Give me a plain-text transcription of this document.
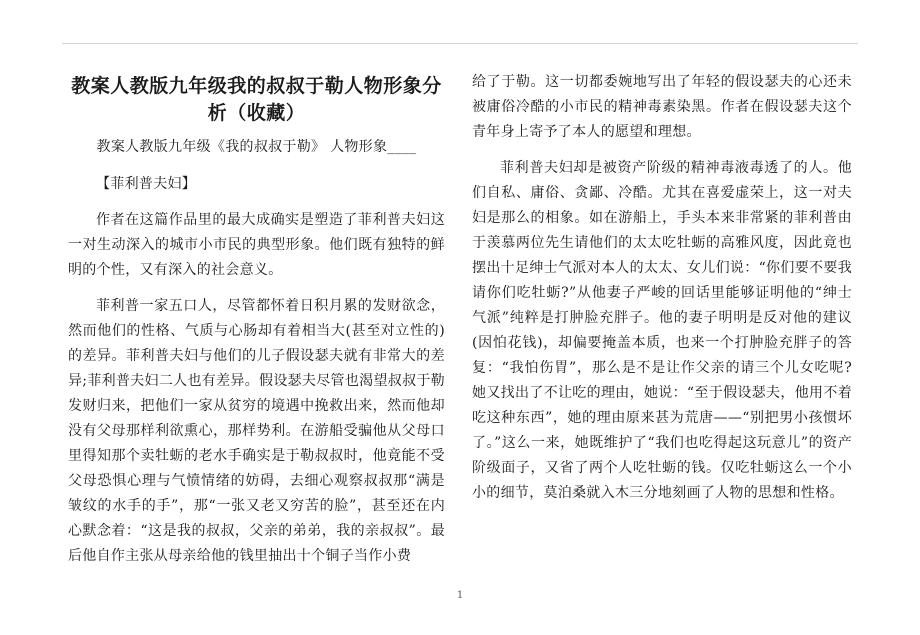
教案人教版九年级我的叔叔于勒人物形象分析（收藏）
教案人教版九年级《我的叔叔于勒》 人物形象____
【菲利普夫妇】
作者在这篇作品里的最大成确实是塑造了菲利普夫妇这一对生动深入的城市小市民的典型形象。他们既有独特的鲜明的个性，又有深入的社会意义。
菲利普一家五口人，尽管都怀着日积月累的发财欲念，然而他们的性格、气质与心肠却有着相当大(甚至对立性的)的差异。菲利普夫妇与他们的儿子假设瑟夫就有非常大的差异;菲利普夫妇二人也有差异。假设瑟夫尽管也渴望叔叔于勒发财归来，把他们一家从贫穷的境遇中挽救出来，然而他却没有父母那样利欲熏心，那样势利。在游船受骗他从父母口里得知那个卖牡蛎的老水手确实是于勒叔叔时，他竟能不受父母恐惧心理与气愤情绪的妨碍，去细心观察叔叔那“满是皱纹的水手的手”，那“一张又老又穷苦的脸”，甚至还在内心默念着：“这是我的叔叔，父亲的弟弟，我的亲叔叔”。最后他自作主张从母亲给他的钱里抽出十个铜子当作小费
给了于勒。这一切都委婉地写出了年轻的假设瑟夫的心还未被庸俗冷酷的小市民的精神毒素染黑。作者在假设瑟夫这个青年身上寄予了本人的愿望和理想。
菲利普夫妇却是被资产阶级的精神毒液毒透了的人。他们自私、庸俗、贪鄙、冷酷。尤其在喜爱虚荣上，这一对夫妇是那么的相象。如在游船上，手头本来非常紧的菲利普由于羡慕两位先生请他们的太太吃牡蛎的高雅风度，因此竟也摆出十足绅士气派对本人的太太、女儿们说：“你们要不要我请你们吃牡蛎?”从他妻子严峻的回话里能够证明他的“绅士气派”纯粹是打肿脸充胖子。他的妻子明明是反对他的建议(因怕花钱)，却偏要掩盖本质，也来一个打肿脸充胖子的答复：“我怕伤胃”，那么是不是让作父亲的请三个儿女吃呢?她又找出了不让吃的理由，她说：“至于假设瑟夫，他用不着吃这种东西”，她的理由原来甚为荒唐——“别把男小孩惯坏了。”这么一来，她既维护了“我们也吃得起这玩意儿”的资产阶级面子，又省了两个人吃牡蛎的钱。仅吃牡蛎这么一个小小的细节，莫泊桑就入木三分地刻画了人物的思想和性格。
1
